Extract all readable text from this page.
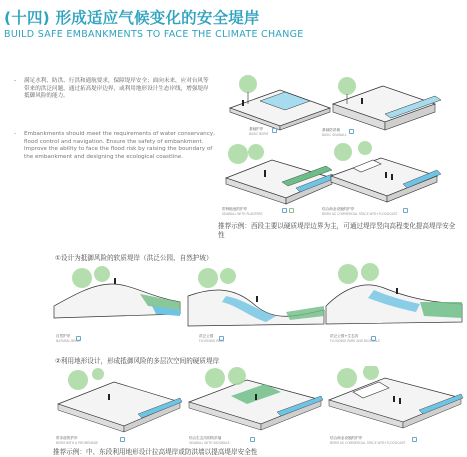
(十四) 形成适应气候变化的安全堤岸
BUILD SAFE EMBANKMENTS TO FACE THE CLIMATE CHANGE
- 满足水利、防洪、行洪和通航要求，保障堤岸安全；面向未来，应对台风等带来的洪泛问题，通过拓高堤岸边界，或利用地形设计生态岸线，增强堤岸抵御风险的能力。
- Embankments should meet the requirements of water conservancy, flood control and navigation. Ensure the safety of embankment. Improve the ability to face the flood risk by raising the boundary of the embankment and designing the ecological coastline.
基础护岸
BASIC BERM
基础防洪墙
BASIC SEAWALL
带种植池的护岸
SEAWALL WITH PLANTERS
结合商业设施的护岸
BERM AS COMMERCIAL SPACE WITH FLOODGATE
推荐示例：西段主要以硬质堤岸边界为主，可通过堤岸竖向高程变化提高堤岸安全性
①设计为抵御风险的软质堤岸（洪泛公园、自然护坡）
自然护岸
NATURAL BERM
洪泛公园
FLOODING PARK
洪泛公园+生态沟
FLOODING PARK AND BIOSWALE
②利用地形设计，形成抵御风险的多层次空间的硬质堤岸
带步道的护岸
BERM WITH A PROMENADE
结合生态沟的防洪墙
SEAWALL WITH BIOSWALE
结合商业设施的护岸
BERM AS COMMERCIAL SPACE WITH FLOODGATE
推荐示例：中、东段利用地形设计拉高堤岸或防洪墙以提高堤岸安全性
